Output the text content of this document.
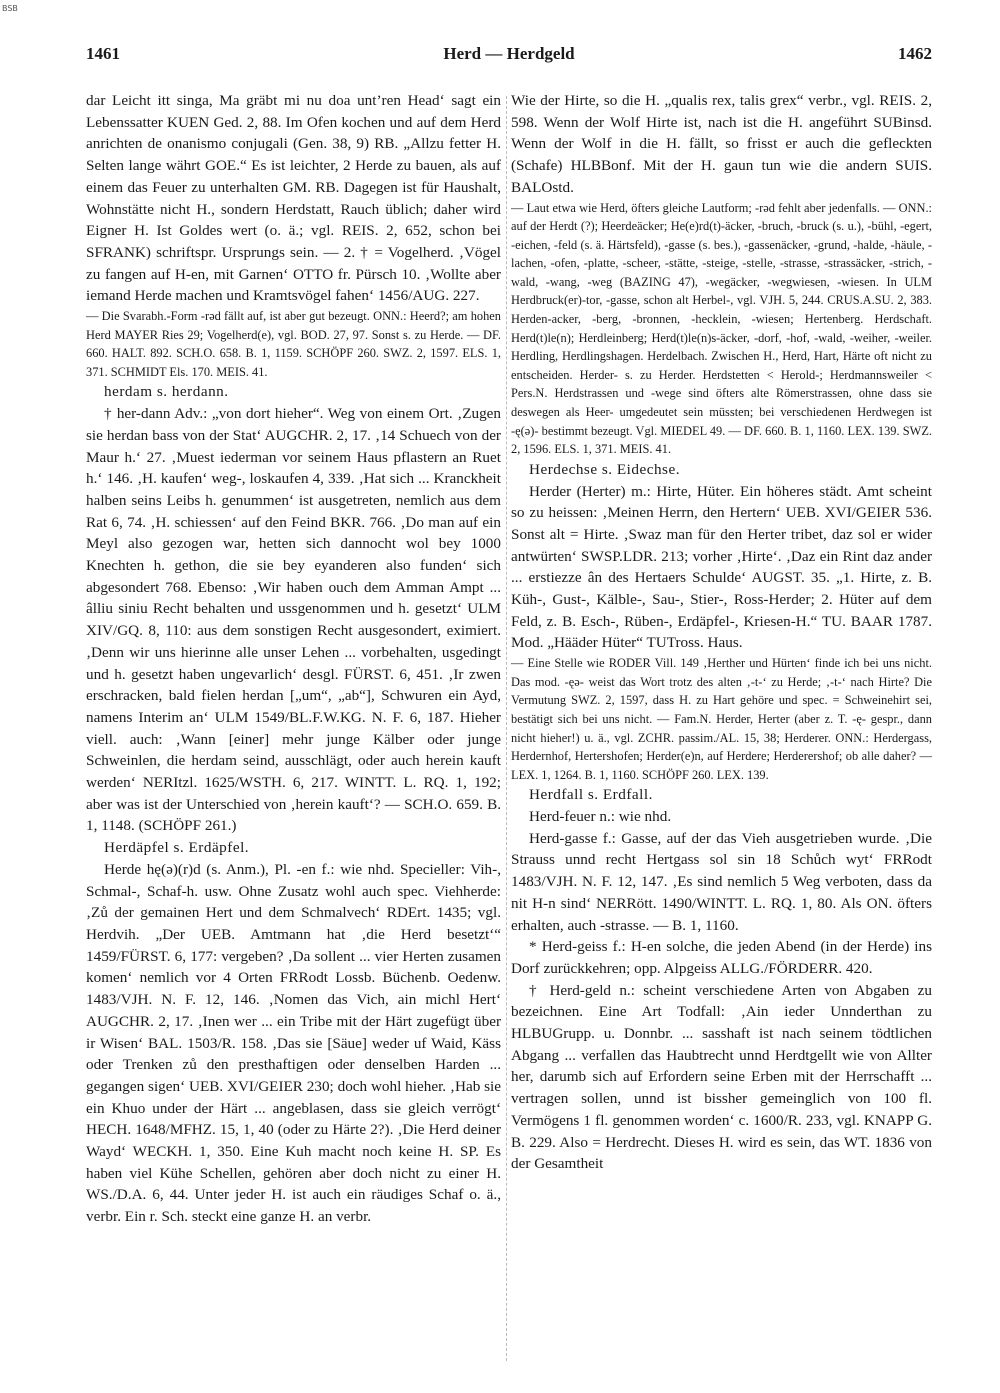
BSB
1461	Herd — Herdgeld	1462

dar Leicht itt singa, Ma gräbt mi nu doa unt’ren Head‘ sagt ein Lebenssatter KUEN Ged. 2, 88. Im Ofen kochen und auf dem Herd anrichten de onanismo conjugali (Gen. 38, 9) RB. „Allzu fetter H. Selten lange währt GOE.“ Es ist leichter, 2 Herde zu bauen, als auf einem das Feuer zu unterhalten GM. RB. Dagegen ist für Haushalt, Wohnstätte nicht H., sondern Herdstatt, Rauch üblich; daher wird Eigner H. Ist Goldes wert (o. ä.; vgl. REIS. 2, 652, schon bei SFRANK) schriftspr. Ursprungs sein. — 2. † = Vogelherd. ‚Vögel zu fangen auf H-en, mit Garnen‘ OTTO fr. Pürsch 10. ‚Wollte aber iemand Herde machen und Kramtsvögel fahen‘ 1456/AUG. 227.

— Die Svarabh.-Form -rəd fällt auf, ist aber gut bezeugt. ONN.: Heerd?; am hohen Herd MAYER Ries 29; Vogelherd(e), vgl. BOD. 27, 97. Sonst s. zu Herde. — DF. 660. HALT. 892. SCH.O. 658. B. 1, 1159. SCHÖPF 260. SWZ. 2, 1597. ELS. 1, 371. SCHMIDT Els. 170. MEIS. 41.

herdam s. herdann.

† her-dann Adv.: „von dort hieher“. Weg von einem Ort. ‚Zugen sie herdan bass von der Stat‘ AUGCHR. 2, 17. ‚14 Schuech von der Maur h.‘ 27. ‚Muest iederman vor seinem Haus pflastern an Ruet h.‘ 146. ‚H. kaufen‘ weg-, loskaufen 4, 339. ‚Hat sich ... Kranckheit halben seins Leibs h. genummen‘ ist ausgetreten, nemlich aus dem Rat 6, 74. ‚H. schiessen‘ auf den Feind BKR. 766. ‚Do man auf ein Meyl also gezogen war, hetten sich dannocht wol bey 1000 Knechten h. gethon, die sie bey eyanderen also funden‘ sich abgesondert 768. Ebenso: ‚Wir haben ouch dem Amman Ampt ... âlliu siniu Recht behalten und ussgenommen und h. gesetzt‘ ULM XIV/GQ. 8, 110: aus dem sonstigen Recht ausgesondert, eximiert. ‚Denn wir uns hierinne alle unser Lehen ... vorbehalten, usgedingt und h. gesetzt haben ungevarlich‘ desgl. FÜRST. 6, 451. ‚Ir zwen erschracken, bald fielen herdan [„um“, „ab“], Schwuren ein Ayd, namens Interim an‘ ULM 1549/BL.F.W.KG. N. F. 6, 187. Hieher viell. auch: ‚Wann [einer] mehr junge Kälber oder junge Schweinlen, die herdam seind, ausschlägt, oder auch herein kauft werden‘ NERItzl. 1625/WSTH. 6, 217. WINTT. L. RQ. 1, 192; aber was ist der Unterschied von ‚herein kauft‘? — SCH.O. 659. B. 1, 1148. (SCHÖPF 261.)

Herdäpfel s. Erdäpfel.

Herde hę(ə)(r)d (s. Anm.), Pl. -en f.: wie nhd. Specieller: Vih-, Schmal-, Schaf-h. usw. Ohne Zusatz wohl auch spec. Viehherde: ‚Zů der gemainen Hert und dem Schmalvech‘ RDErt. 1435; vgl. Herdvih. „Der UEB. Amtmann hat ‚die Herd besetzt‘“ 1459/FÜRST. 6, 177: vergeben? ‚Da sollent ... vier Herten zusamen komen‘ nemlich vor 4 Orten FRRodt Lossb. Büchenb. Oedenw. 1483/VJH. N. F. 12, 146. ‚Nomen das Vich, ain michl Hert‘ AUGCHR. 2, 17. ‚Inen wer ... ein Tribe mit der Härt zugefügt über ir Wisen‘ BAL. 1503/R. 158. ‚Das sie [Säue] weder uf Waid, Käss oder Trenken zů den presthaftigen oder denselben Harden ... gegangen sigen‘ UEB. XVI/GEIER 230; doch wohl hieher. ‚Hab sie ein Khuo under der Härt ... angeblasen, dass sie gleich verrögt‘ HECH. 1648/MFHZ. 15, 1, 40 (oder zu Härte 2?). ‚Die Herd deiner Wayd‘ WECKH. 1, 350. Eine Kuh macht noch keine H. SP. Es haben viel Kühe Schellen, gehören aber doch nicht zu einer H. WS./D.A. 6, 44. Unter jeder H. ist auch ein räudiges Schaf o. ä., verbr. Ein r. Sch. steckt eine ganze H. an verbr.

Wie der Hirte, so die H. „qualis rex, talis grex“ verbr., vgl. REIS. 2, 598. Wenn der Wolf Hirte ist, nach ist die H. angeführt SUBinsd. Wenn der Wolf in die H. fällt, so frisst er auch die gefleckten (Schafe) HLBBonf. Mit der H. gaun tun wie die andern SUIS. BALOstd.

— Laut etwa wie Herd, öfters gleiche Lautform; -rəd fehlt aber jedenfalls. — ONN.: auf der Herdt (?); Heerdeäcker; He(e)rd(t)-äcker, -bruch, -bruck (s. u.), -bühl, -egert, -eichen, -feld (s. ä. Härtsfeld), -gasse (s. bes.), -gassenäcker, -grund, -halde, -häule, -lachen, -ofen, -platte, -scheer, -stätte, -steige, -stelle, -strasse, -strassäcker, -strich, -wald, -wang, -weg (BAZING 47), -wegäcker, -wegwiesen, -wiesen. In ULM Herdbruck(er)-tor, -gasse, schon alt Herbel-, vgl. VJH. 5, 244. CRUS.A.SU. 2, 383. Herden-acker, -berg, -bronnen, -hecklein, -wiesen; Hertenberg. Herdschaft. Herd(t)le(n); Herdleinberg; Herd(t)le(n)s-äcker, -dorf, -hof, -wald, -weiher, -weiler. Herdling, Herdlingshagen. Herdelbach. Zwischen H., Herd, Hart, Härte oft nicht zu entscheiden. Herder- s. zu Herder. Herdstetten < Herold-; Herdmannsweiler < Pers.N. Herdstrassen und -wege sind öfters alte Römerstrassen, ohne dass sie deswegen als Heer- umgedeutet sein müssten; bei verschiedenen Herdwegen ist -ę(ə)- bestimmt bezeugt. Vgl. MIEDEL 49. — DF. 660. B. 1, 1160. LEX. 139. SWZ. 2, 1596. ELS. 1, 371. MEIS. 41.

Herdechse s. Eidechse.

Herder (Herter) m.: Hirte, Hüter. Ein höheres städt. Amt scheint so zu heissen: ‚Meinen Herrn, den Hertern‘ UEB. XVI/GEIER 536. Sonst alt = Hirte. ‚Swaz man für den Herter tribet, daz sol er wider antwürten‘ SWSP.LDR. 213; vorher ‚Hirte‘. ‚Daz ein Rint daz ander ... erstiezze ân des Hertaers Schulde‘ AUGST. 35. „1. Hirte, z. B. Küh-, Gust-, Kälble-, Sau-, Stier-, Ross-Herder; 2. Hüter auf dem Feld, z. B. Esch-, Rüben-, Erdäpfel-, Kriesen-H.“ TU. BAAR 1787. Mod. „Hääder Hüter“ TUTross. Haus.

— Eine Stelle wie RODER Vill. 149 ‚Herther und Hürten‘ finde ich bei uns nicht. Das mod. -ęə- weist das Wort trotz des alten ‚-t-‘ zu Herde; ‚-t-‘ nach Hirte? Die Vermutung SWZ. 2, 1597, dass H. zu Hart gehöre und spec. = Schweinehirt sei, bestätigt sich bei uns nicht. — Fam.N. Herder, Herter (aber z. T. -ę- gespr., dann nicht hieher!) u. ä., vgl. ZCHR. passim./AL. 15, 38; Herderer. ONN.: Herdergass, Herdernhof, Hertershofen; Herder(e)n, auf Herdere; Herderershof; ob alle daher? — LEX. 1, 1264. B. 1, 1160. SCHÖPF 260. LEX. 139.

Herdfall s. Erdfall.

Herd-feuer n.: wie nhd.

Herd-gasse f.: Gasse, auf der das Vieh ausgetrieben wurde. ‚Die Strauss unnd recht Hertgass sol sin 18 Schůch wyt‘ FRRodt 1483/VJH. N. F. 12, 147. ‚Es sind nemlich 5 Weg verboten, dass da nit H-n sind‘ NERRött. 1490/WINTT. L. RQ. 1, 80. Als ON. öfters erhalten, auch -strasse. — B. 1, 1160.

* Herd-geiss f.: H-en solche, die jeden Abend (in der Herde) ins Dorf zurückkehren; opp. Alpgeiss ALLG./FÖRDERR. 420.

† Herd-geld n.: scheint verschiedene Arten von Abgaben zu bezeichnen. Eine Art Todfall: ‚Ain ieder Unnderthan zu HLBUGrupp. u. Donnbr. ... sasshaft ist nach seinem tödtlichen Abgang ... verfallen das Haubtrecht unnd Herdtgellt wie von Allter her, darumb sich auf Erfordern seine Erben mit der Herrschafft ... vertragen sollen, unnd ist bissher gemeinglich von 100 fl. Vermögens 1 fl. genommen worden‘ c. 1600/R. 233, vgl. KNAPP G. B. 229. Also = Herdrecht. Dieses H. wird es sein, das WT. 1836 von der Gesamtheit
